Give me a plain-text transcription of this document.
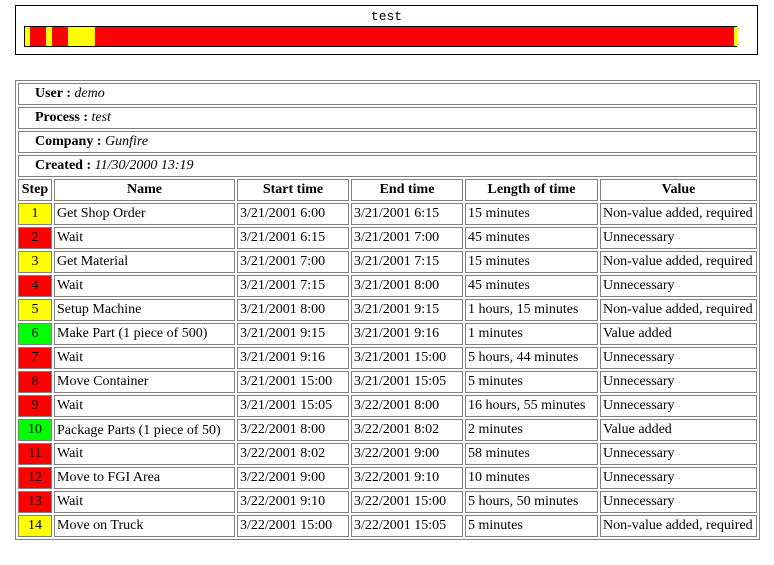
test
User : demo					
Process : test					
Company : Gunfire					
Created : 11/30/2000 13:19					
Step	Name	Start time	End time	Length of time	Value
1	Get Shop Order	3/21/2001 6:00	3/21/2001 6:15	15 minutes	Non-value added, required
2	Wait	3/21/2001 6:15	3/21/2001 7:00	45 minutes	Unnecessary
3	Get Material	3/21/2001 7:00	3/21/2001 7:15	15 minutes	Non-value added, required
4	Wait	3/21/2001 7:15	3/21/2001 8:00	45 minutes	Unnecessary
5	Setup Machine	3/21/2001 8:00	3/21/2001 9:15	1 hours, 15 minutes	Non-value added, required
6	Make Part (1 piece of 500)	3/21/2001 9:15	3/21/2001 9:16	1 minutes	Value added
7	Wait	3/21/2001 9:16	3/21/2001 15:00	5 hours, 44 minutes	Unnecessary
8	Move Container	3/21/2001 15:00	3/21/2001 15:05	5 minutes	Unnecessary
9	Wait	3/21/2001 15:05	3/22/2001 8:00	16 hours, 55 minutes	Unnecessary
10	Package Parts (1 piece of 50)	3/22/2001 8:00	3/22/2001 8:02	2 minutes	Value added
11	Wait	3/22/2001 8:02	3/22/2001 9:00	58 minutes	Unnecessary
12	Move to FGI Area	3/22/2001 9:00	3/22/2001 9:10	10 minutes	Unnecessary
13	Wait	3/22/2001 9:10	3/22/2001 15:00	5 hours, 50 minutes	Unnecessary
14	Move on Truck	3/22/2001 15:00	3/22/2001 15:05	5 minutes	Non-value added, required
